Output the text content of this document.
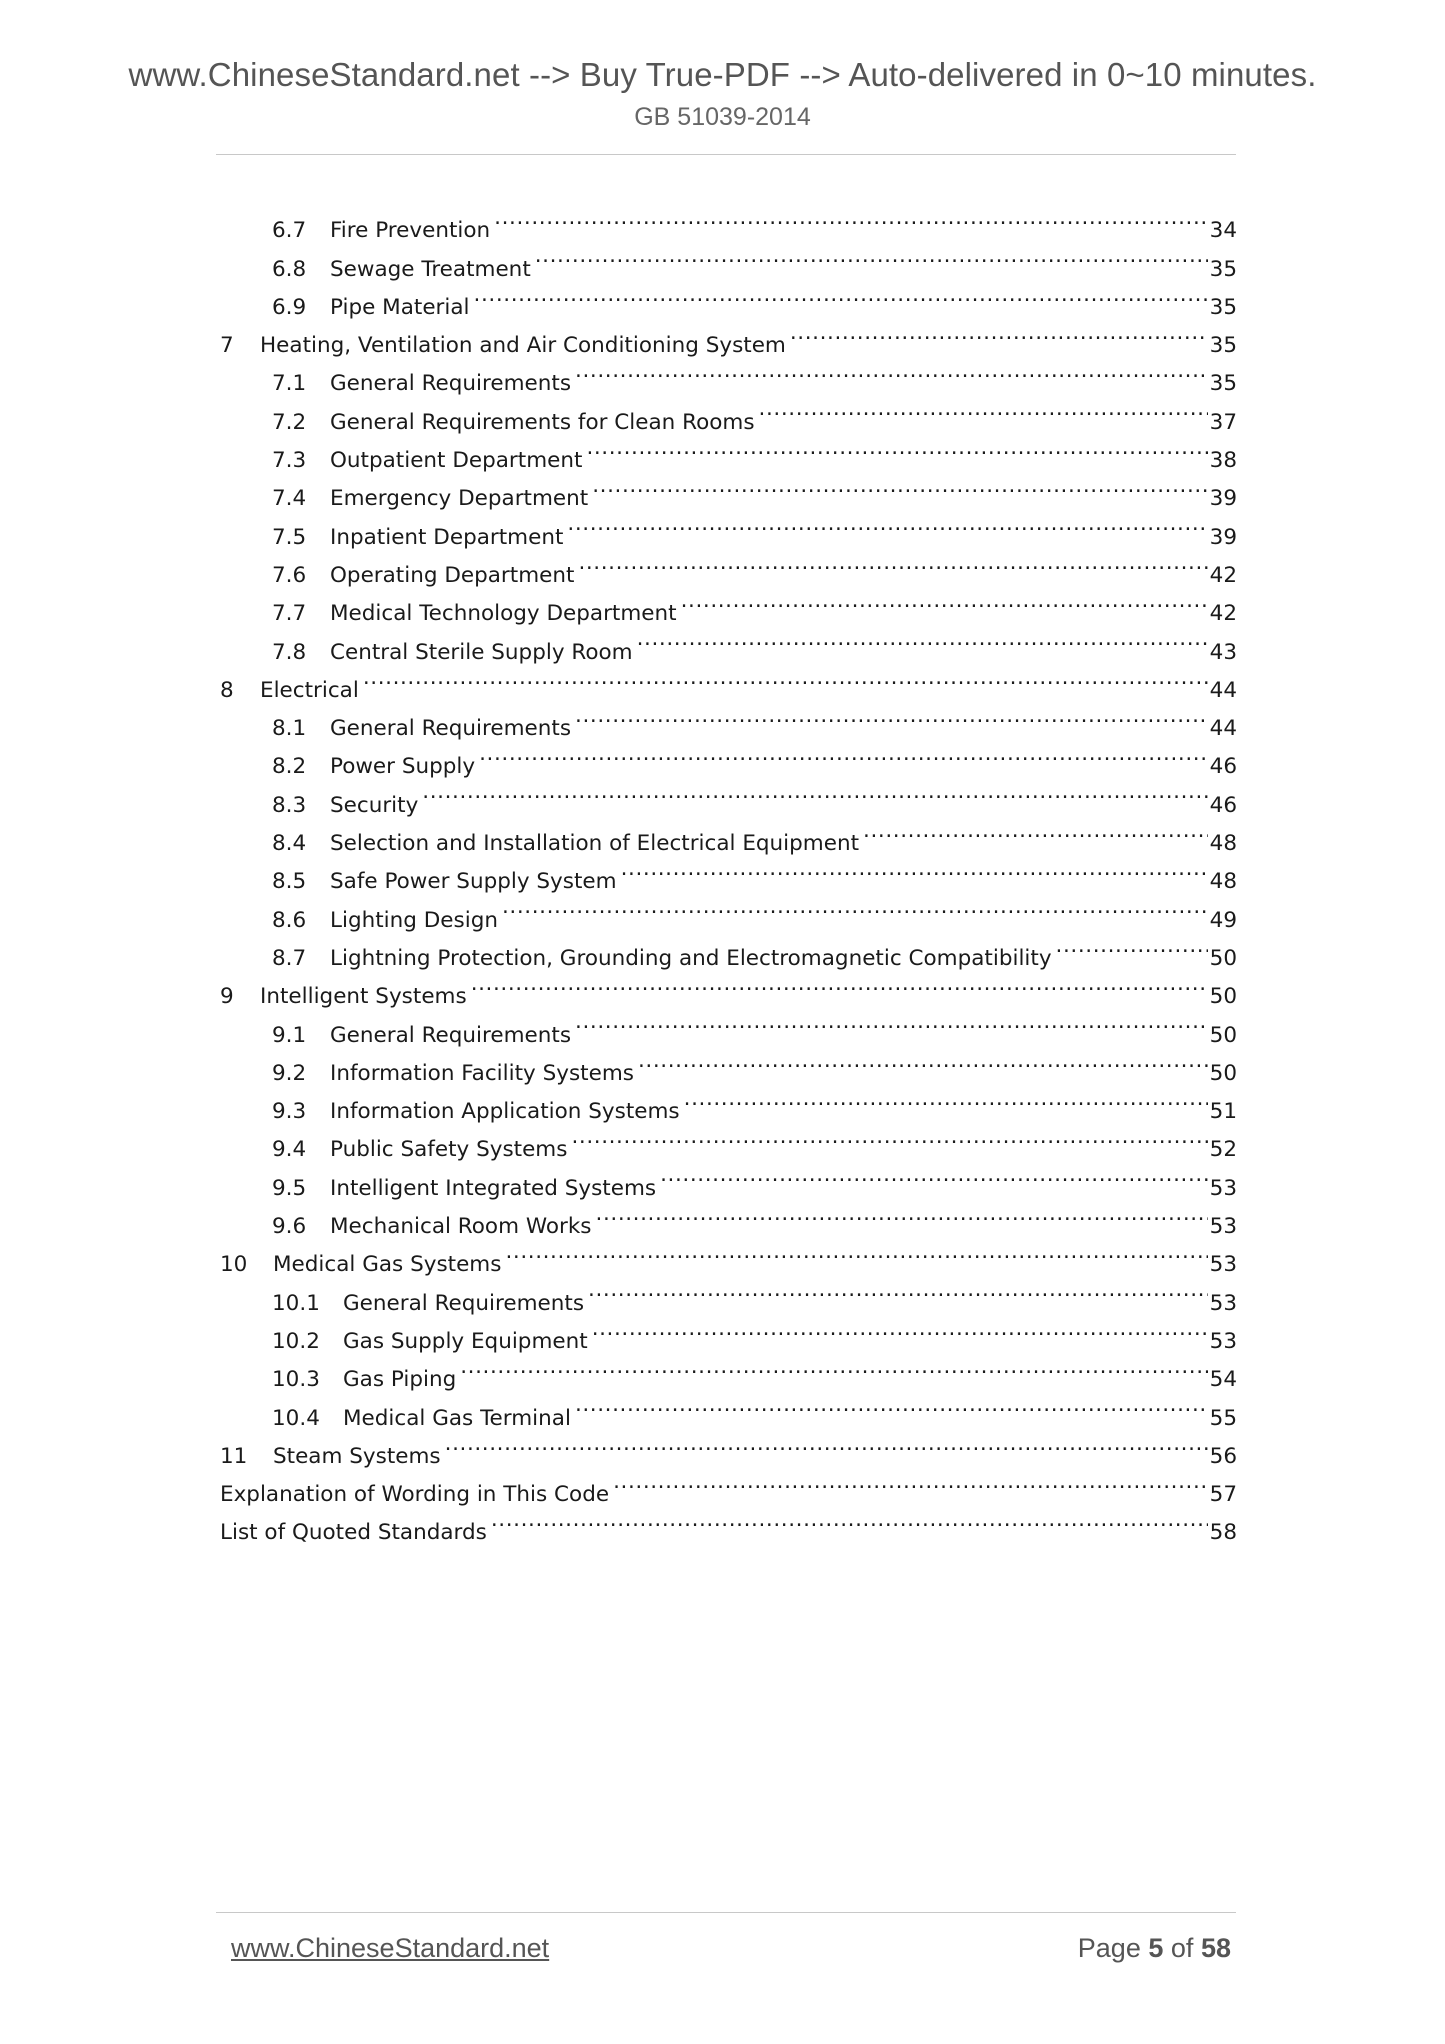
www.ChineseStandard.net --> Buy True-PDF --> Auto-delivered in 0~10 minutes.
GB 51039-2014
6.7	Fire Prevention .....	34
6.8	Sewage Treatment .....	35
6.9	Pipe Material .....	35
7	Heating, Ventilation and Air Conditioning System .....	35
7.1	General Requirements .....	35
7.2	General Requirements for Clean Rooms .....	37
7.3	Outpatient Department .....	38
7.4	Emergency Department .....	39
7.5	Inpatient Department .....	39
7.6	Operating Department .....	42
7.7	Medical Technology Department .....	42
7.8	Central Sterile Supply Room .....	43
8	Electrical .....	44
8.1	General Requirements .....	44
8.2	Power Supply .....	46
8.3	Security .....	46
8.4	Selection and Installation of Electrical Equipment .....	48
8.5	Safe Power Supply System .....	48
8.6	Lighting Design .....	49
8.7	Lightning Protection, Grounding and Electromagnetic Compatibility .....	50
9	Intelligent Systems .....	50
9.1	General Requirements .....	50
9.2	Information Facility Systems .....	50
9.3	Information Application Systems .....	51
9.4	Public Safety Systems .....	52
9.5	Intelligent Integrated Systems .....	53
9.6	Mechanical Room Works .....	53
10	Medical Gas Systems .....	53
10.1	General Requirements .....	53
10.2	Gas Supply Equipment .....	53
10.3	Gas Piping .....	54
10.4	Medical Gas Terminal .....	55
11	Steam Systems .....	56
Explanation of Wording in This Code .....	57
List of Quoted Standards .....	58
www.ChineseStandard.net	Page 5 of 58
